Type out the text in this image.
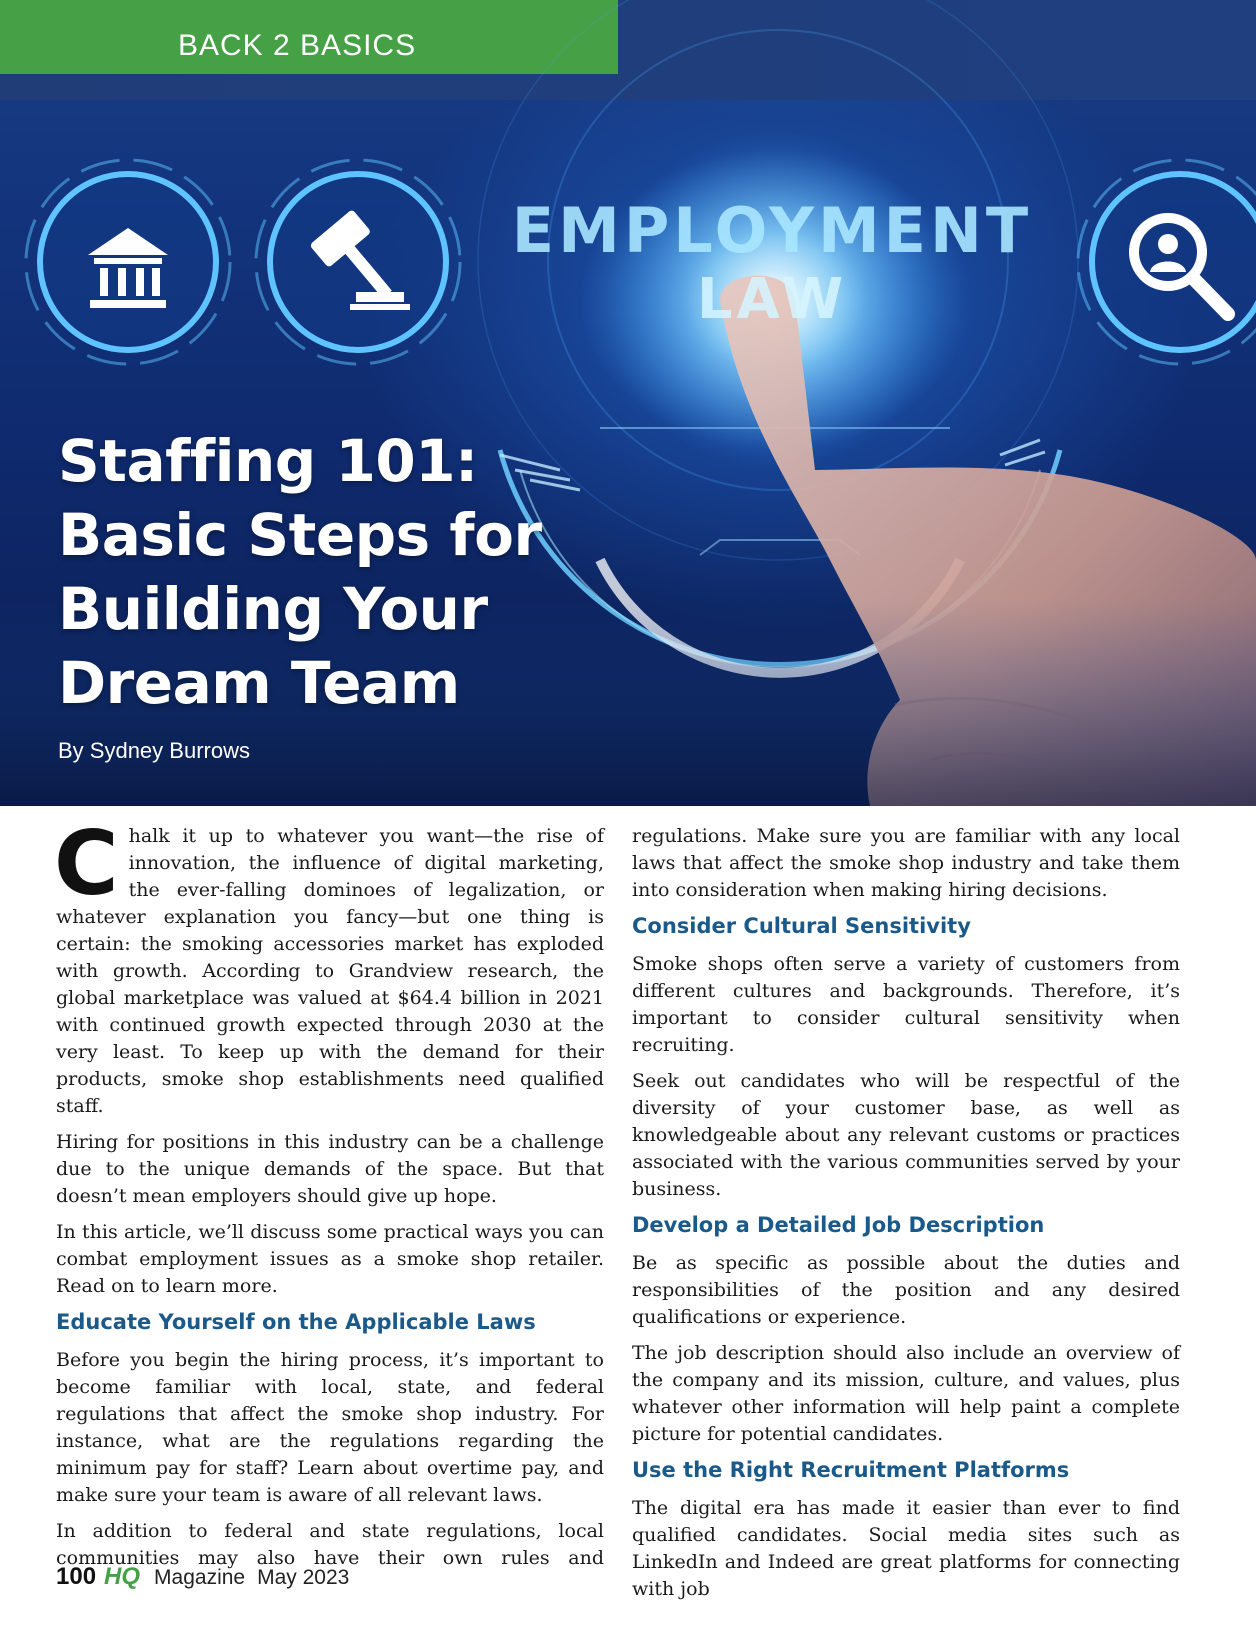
BACK 2 BASICS
EMPLOYMENT
LAW
Staffing 101:
Basic Steps for
Building Your
Dream Team
By Sydney Burrows

Chalk it up to whatever you want—the rise of innovation, the influence of digital marketing, the ever-falling dominoes of legalization, or whatever explanation you fancy—but one thing is certain: the smoking accessories market has exploded with growth. According to Grandview research, the global marketplace was valued at $64.4 billion in 2021 with continued growth expected through 2030 at the very least. To keep up with the demand for their products, smoke shop establishments need qualified staff.

Hiring for positions in this industry can be a challenge due to the unique demands of the space. But that doesn’t mean employers should give up hope.

In this article, we’ll discuss some practical ways you can combat employment issues as a smoke shop retailer. Read on to learn more.

Educate Yourself on the Applicable Laws

Before you begin the hiring process, it’s important to become familiar with local, state, and federal regulations that affect the smoke shop industry. For instance, what are the regulations regarding the minimum pay for staff? Learn about overtime pay, and make sure your team is aware of all relevant laws.

In addition to federal and state regulations, local communities may also have their own rules and

regulations. Make sure you are familiar with any local laws that affect the smoke shop industry and take them into consideration when making hiring decisions.

Consider Cultural Sensitivity

Smoke shops often serve a variety of customers from different cultures and backgrounds. Therefore, it’s important to consider cultural sensitivity when recruiting.

Seek out candidates who will be respectful of the diversity of your customer base, as well as knowledgeable about any relevant customs or practices associated with the various communities served by your business.

Develop a Detailed Job Description

Be as specific as possible about the duties and responsibilities of the position and any desired qualifications or experience.

The job description should also include an overview of the company and its mission, culture, and values, plus whatever other information will help paint a complete picture for potential candidates.

Use the Right Recruitment Platforms

The digital era has made it easier than ever to find qualified candidates. Social media sites such as LinkedIn and Indeed are great platforms for connecting with job

100 HQ Magazine May 2023
